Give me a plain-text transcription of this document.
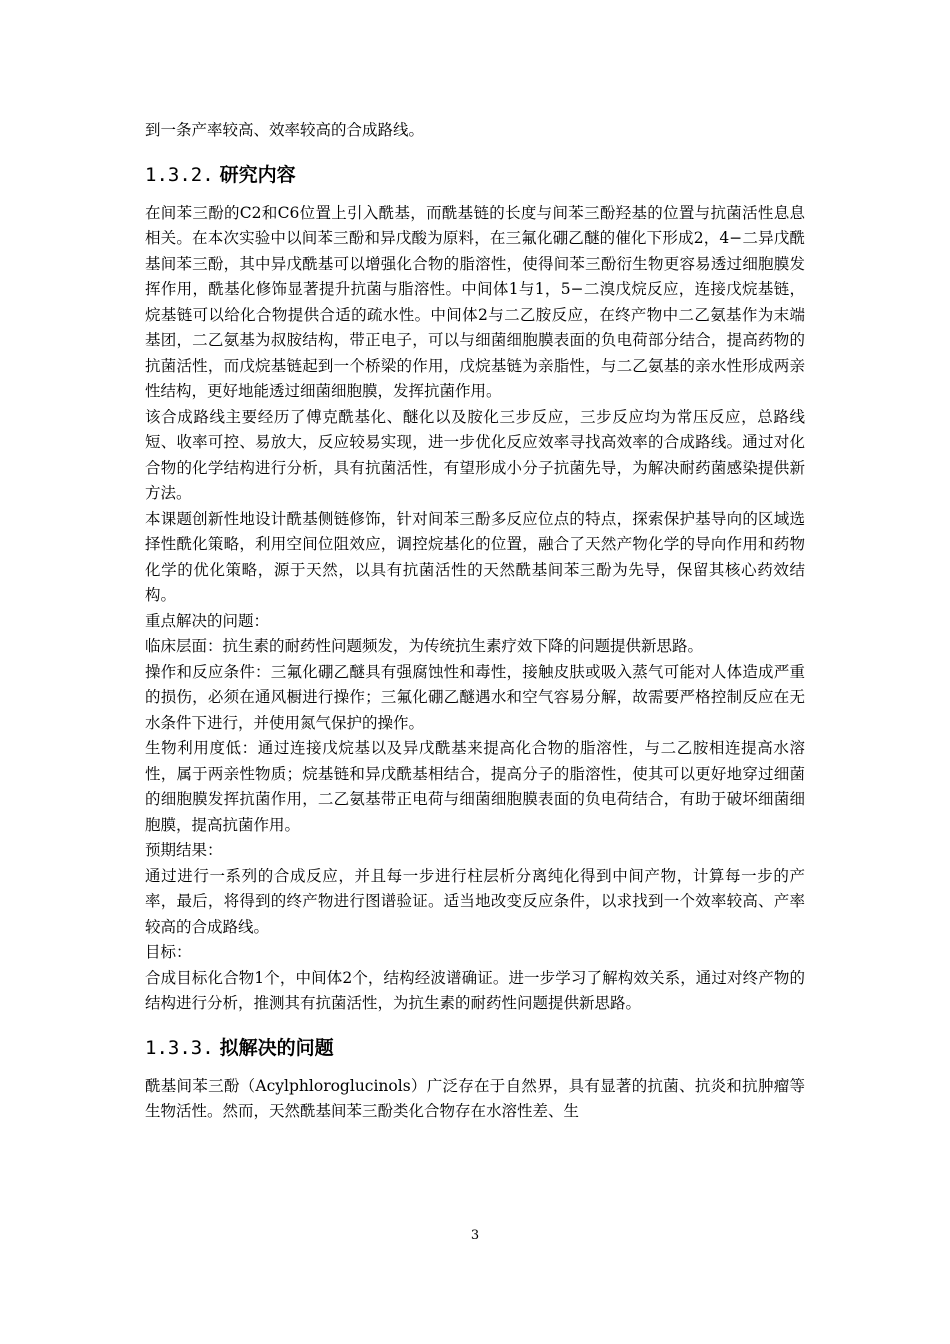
到一条产率较高、效率较高的合成路线。

1.3.2. 研究内容

在间苯三酚的C2和C6位置上引入酰基，而酰基链的长度与间苯三酚羟基的位置与抗菌活性息息相关。在本次实验中以间苯三酚和异戊酸为原料，在三氟化硼乙醚的催化下形成2，4−二异戊酰基间苯三酚，其中异戊酰基可以增强化合物的脂溶性，使得间苯三酚衍生物更容易透过细胞膜发挥作用，酰基化修饰显著提升抗菌与脂溶性。中间体1与1，5−二溴戊烷反应，连接戊烷基链，烷基链可以给化合物提供合适的疏水性。中间体2与二乙胺反应，在终产物中二乙氨基作为末端基团，二乙氨基为叔胺结构，带正电子，可以与细菌细胞膜表面的负电荷部分结合，提高药物的抗菌活性，而戊烷基链起到一个桥梁的作用，戊烷基链为亲脂性，与二乙氨基的亲水性形成两亲性结构，更好地能透过细菌细胞膜，发挥抗菌作用。

该合成路线主要经历了傅克酰基化、醚化以及胺化三步反应，三步反应均为常压反应，总路线短、收率可控、易放大，反应较易实现，进一步优化反应效率寻找高效率的合成路线。通过对化合物的化学结构进行分析，具有抗菌活性，有望形成小分子抗菌先导，为解决耐药菌感染提供新方法。

本课题创新性地设计酰基侧链修饰，针对间苯三酚多反应位点的特点，探索保护基导向的区域选择性酰化策略，利用空间位阻效应，调控烷基化的位置，融合了天然产物化学的导向作用和药物化学的优化策略，源于天然，以具有抗菌活性的天然酰基间苯三酚为先导，保留其核心药效结构。

重点解决的问题：

临床层面：抗生素的耐药性问题频发，为传统抗生素疗效下降的问题提供新思路。

操作和反应条件：三氟化硼乙醚具有强腐蚀性和毒性，接触皮肤或吸入蒸气可能对人体造成严重的损伤，必须在通风橱进行操作；三氟化硼乙醚遇水和空气容易分解，故需要严格控制反应在无水条件下进行，并使用氮气保护的操作。

生物利用度低：通过连接戊烷基以及异戊酰基来提高化合物的脂溶性，与二乙胺相连提高水溶性，属于两亲性物质；烷基链和异戊酰基相结合，提高分子的脂溶性，使其可以更好地穿过细菌的细胞膜发挥抗菌作用，二乙氨基带正电荷与细菌细胞膜表面的负电荷结合，有助于破坏细菌细胞膜，提高抗菌作用。

预期结果：

通过进行一系列的合成反应，并且每一步进行柱层析分离纯化得到中间产物，计算每一步的产率，最后，将得到的终产物进行图谱验证。适当地改变反应条件，以求找到一个效率较高、产率较高的合成路线。

目标：

合成目标化合物1个，中间体2个，结构经波谱确证。进一步学习了解构效关系，通过对终产物的结构进行分析，推测其有抗菌活性，为抗生素的耐药性问题提供新思路。

1.3.3. 拟解决的问题

酰基间苯三酚（Acylphloroglucinols）广泛存在于自然界，具有显著的抗菌、抗炎和抗肿瘤等生物活性。然而，天然酰基间苯三酚类化合物存在水溶性差、生

3
